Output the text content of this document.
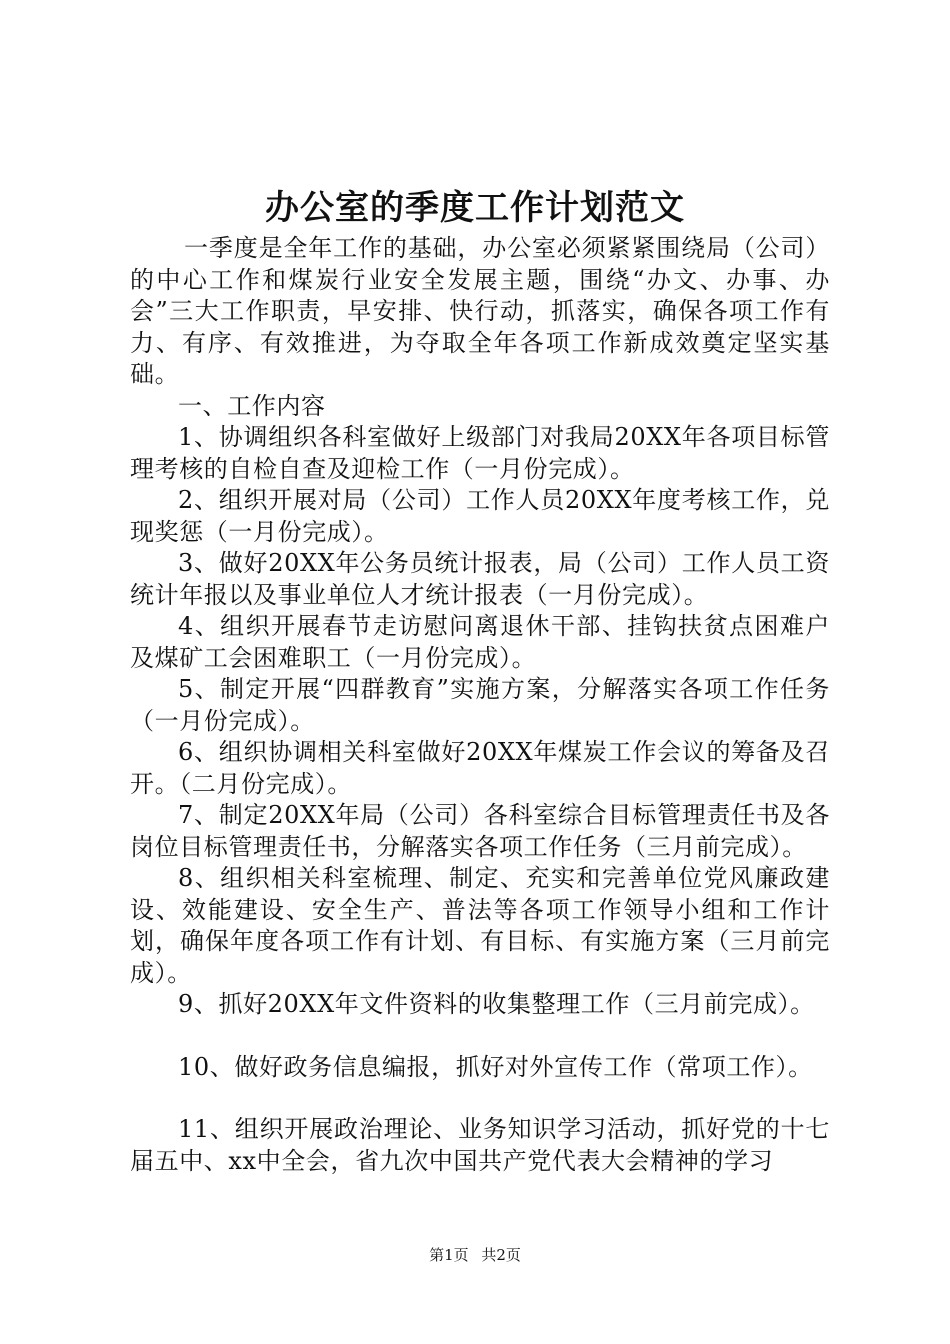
办公室的季度工作计划范文

一季度是全年工作的基础，办公室必须紧紧围绕局（公司）的中心工作和煤炭行业安全发展主题，围绕“办文、办事、办会”三大工作职责，早安排、快行动，抓落实，确保各项工作有力、有序、有效推进，为夺取全年各项工作新成效奠定坚实基础。

一、工作内容

1、协调组织各科室做好上级部门对我局20XX年各项目标管理考核的自检自查及迎检工作（一月份完成）。

2、组织开展对局（公司）工作人员20XX年度考核工作，兑现奖惩（一月份完成）。

3、做好20XX年公务员统计报表，局（公司）工作人员工资统计年报以及事业单位人才统计报表（一月份完成）。

4、组织开展春节走访慰问离退休干部、挂钩扶贫点困难户及煤矿工会困难职工（一月份完成）。

5、制定开展“四群教育”实施方案，分解落实各项工作任务（一月份完成）。

6、组织协调相关科室做好20XX年煤炭工作会议的筹备及召开。（二月份完成）。

7、制定20XX年局（公司）各科室综合目标管理责任书及各岗位目标管理责任书，分解落实各项工作任务（三月前完成）。

8、组织相关科室梳理、制定、充实和完善单位党风廉政建设、效能建设、安全生产、普法等各项工作领导小组和工作计划，确保年度各项工作有计划、有目标、有实施方案（三月前完成）。

9、抓好20XX年文件资料的收集整理工作（三月前完成）。

10、做好政务信息编报，抓好对外宣传工作（常项工作）。

11、组织开展政治理论、业务知识学习活动，抓好党的十七届五中、xx中全会，省九次中国共产党代表大会精神的学习

第1页 共2页
